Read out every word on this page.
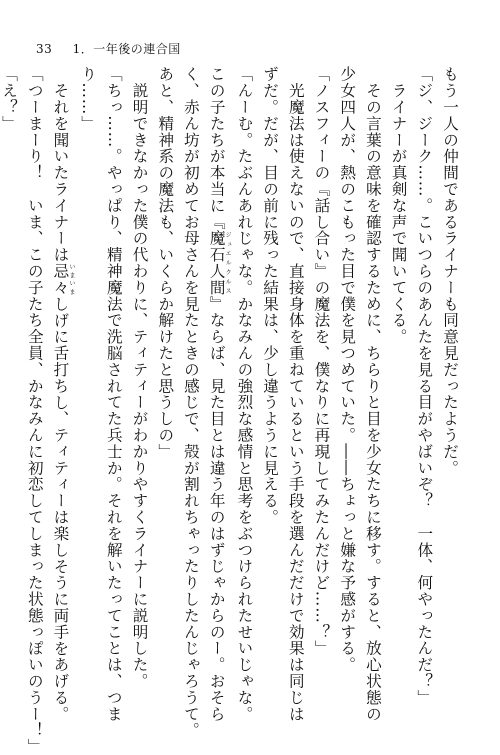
33 1．一年後の連合国
もう一人の仲間であるライナーも同意見だったようだ。
「ジ、ジーク……。こいつらのあんたを見る目がやばいぞ？　一体、何やったんだ？」
　ライナーが真剣な声で聞いてくる。
　その言葉の意味を確認するために、ちらりと目を少女たちに移す。すると、放心状態の
少女四人が、熱のこもった目で僕を見つめていた。――ちょっと嫌な予感がする。
「ノスフィーの『話し合い』の魔法を、僕なりに再現してみたんだけど……？」
　光魔法は使えないので、直接身体を重ねているという手段を選んだだけで効果は同じは
ずだ。だが、目の前に残った結果は、少し違うように見える。
「んーむ。たぶんあれじゃな。かなみんの強烈な感情と思考をぶつけられたせいじゃな。
この子たちが本当に『魔石人間ジュエルクルス』ならば、見た目とは違う年のはずじゃからのー。おそら
く、赤ん坊が初めてお母さんを見たときの感じで、殻が割れちゃったりしたんじゃろうて。
あと、精神系の魔法も、いくらか解けたと思うしの」
　説明できなかった僕の代わりに、ティティーがわかりやすくライナーに説明した。
「ちっ……。やっぱり、精神魔法で洗脳されてた兵士か。それを解いたってことは、つま
り……」
　それを聞いたライナーは忌々いまいましげに舌打ちし、ティティーは楽しそうに両手をあげる。
「つーまーり！　いま、この子たち全員、かなみんに初恋してしまった状態っぽいのうー！」
「え？」
